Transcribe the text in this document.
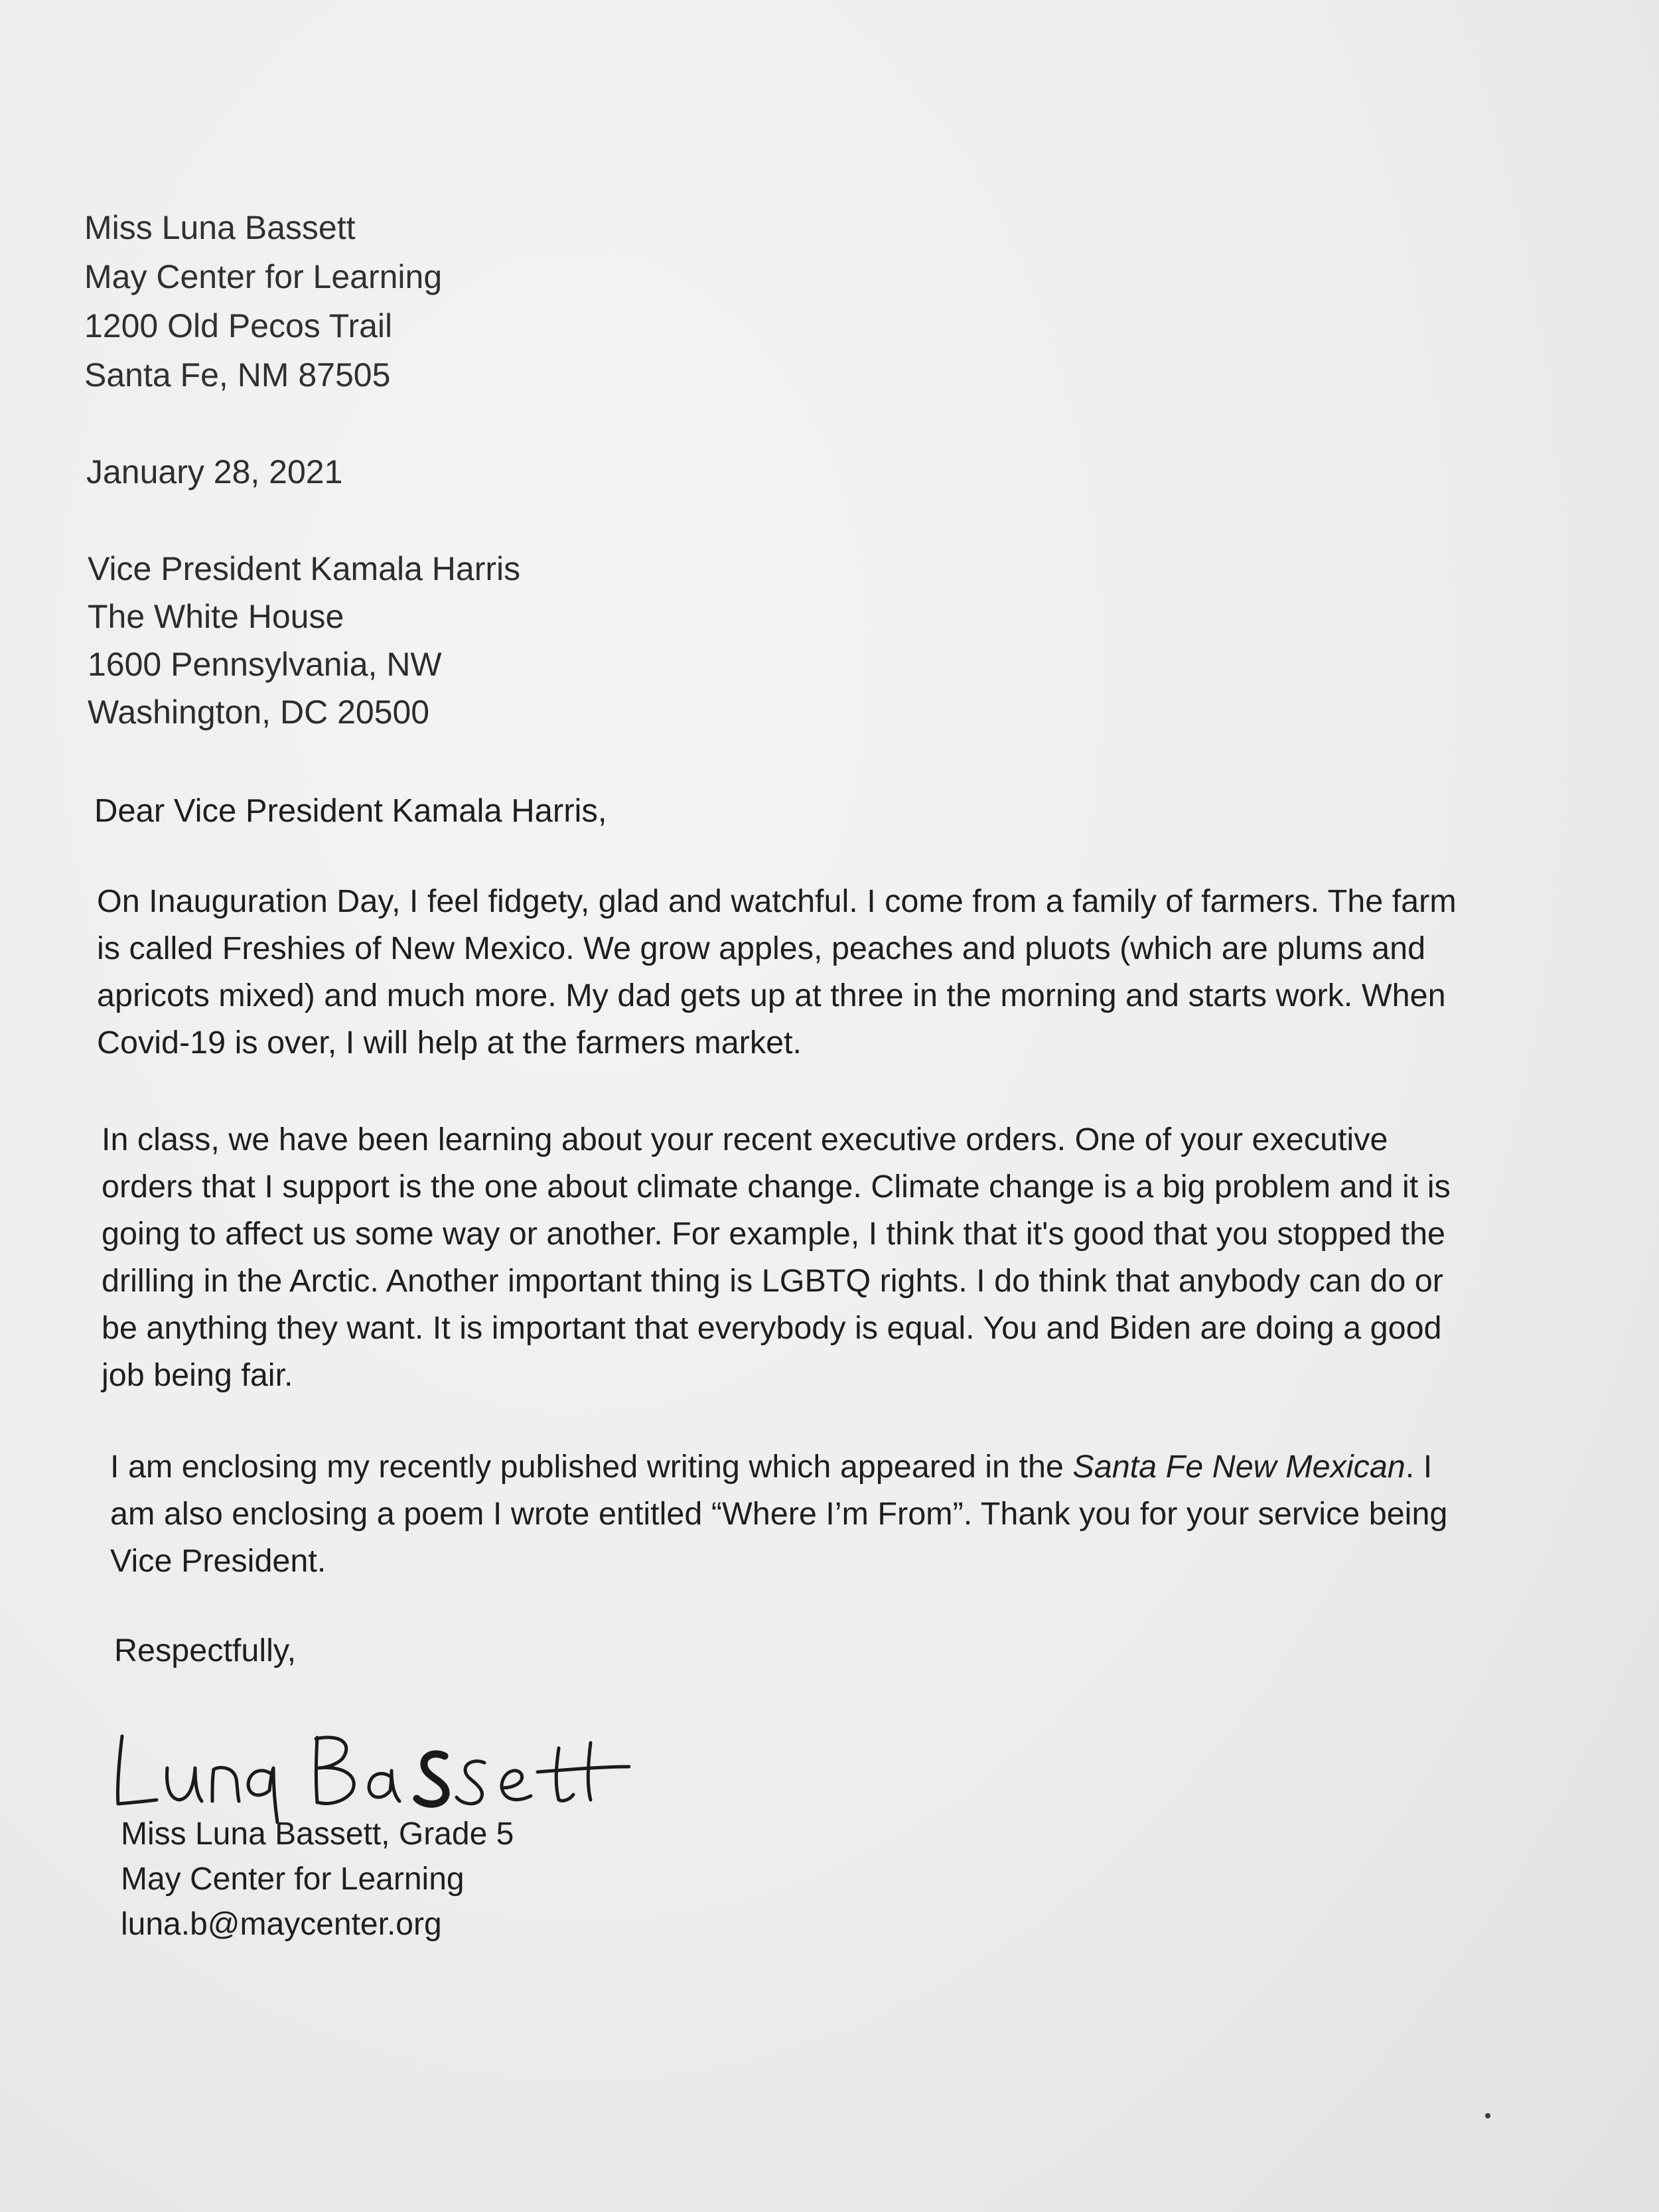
Miss Luna Bassett
May Center for Learning
1200 Old Pecos Trail
Santa Fe, NM 87505
January 28, 2021
Vice President Kamala Harris
The White House
1600 Pennsylvania, NW
Washington, DC 20500
Dear Vice President Kamala Harris,
On Inauguration Day, I feel fidgety, glad and watchful. I come from a family of farmers. The farm
is called Freshies of New Mexico. We grow apples, peaches and pluots (which are plums and
apricots mixed) and much more. My dad gets up at three in the morning and starts work. When
Covid-19 is over, I will help at the farmers market.
In class, we have been learning about your recent executive orders. One of your executive
orders that I support is the one about climate change. Climate change is a big problem and it is
going to affect us some way or another. For example, I think that it's good that you stopped the
drilling in the Arctic. Another important thing is LGBTQ rights. I do think that anybody can do or
be anything they want. It is important that everybody is equal. You and Biden are doing a good
job being fair.
I am enclosing my recently published writing which appeared in the Santa Fe New Mexican. I
am also enclosing a poem I wrote entitled “Where I’m From”. Thank you for your service being
Vice President.
Respectfully,
Miss Luna Bassett, Grade 5
May Center for Learning
luna.b@maycenter.org
